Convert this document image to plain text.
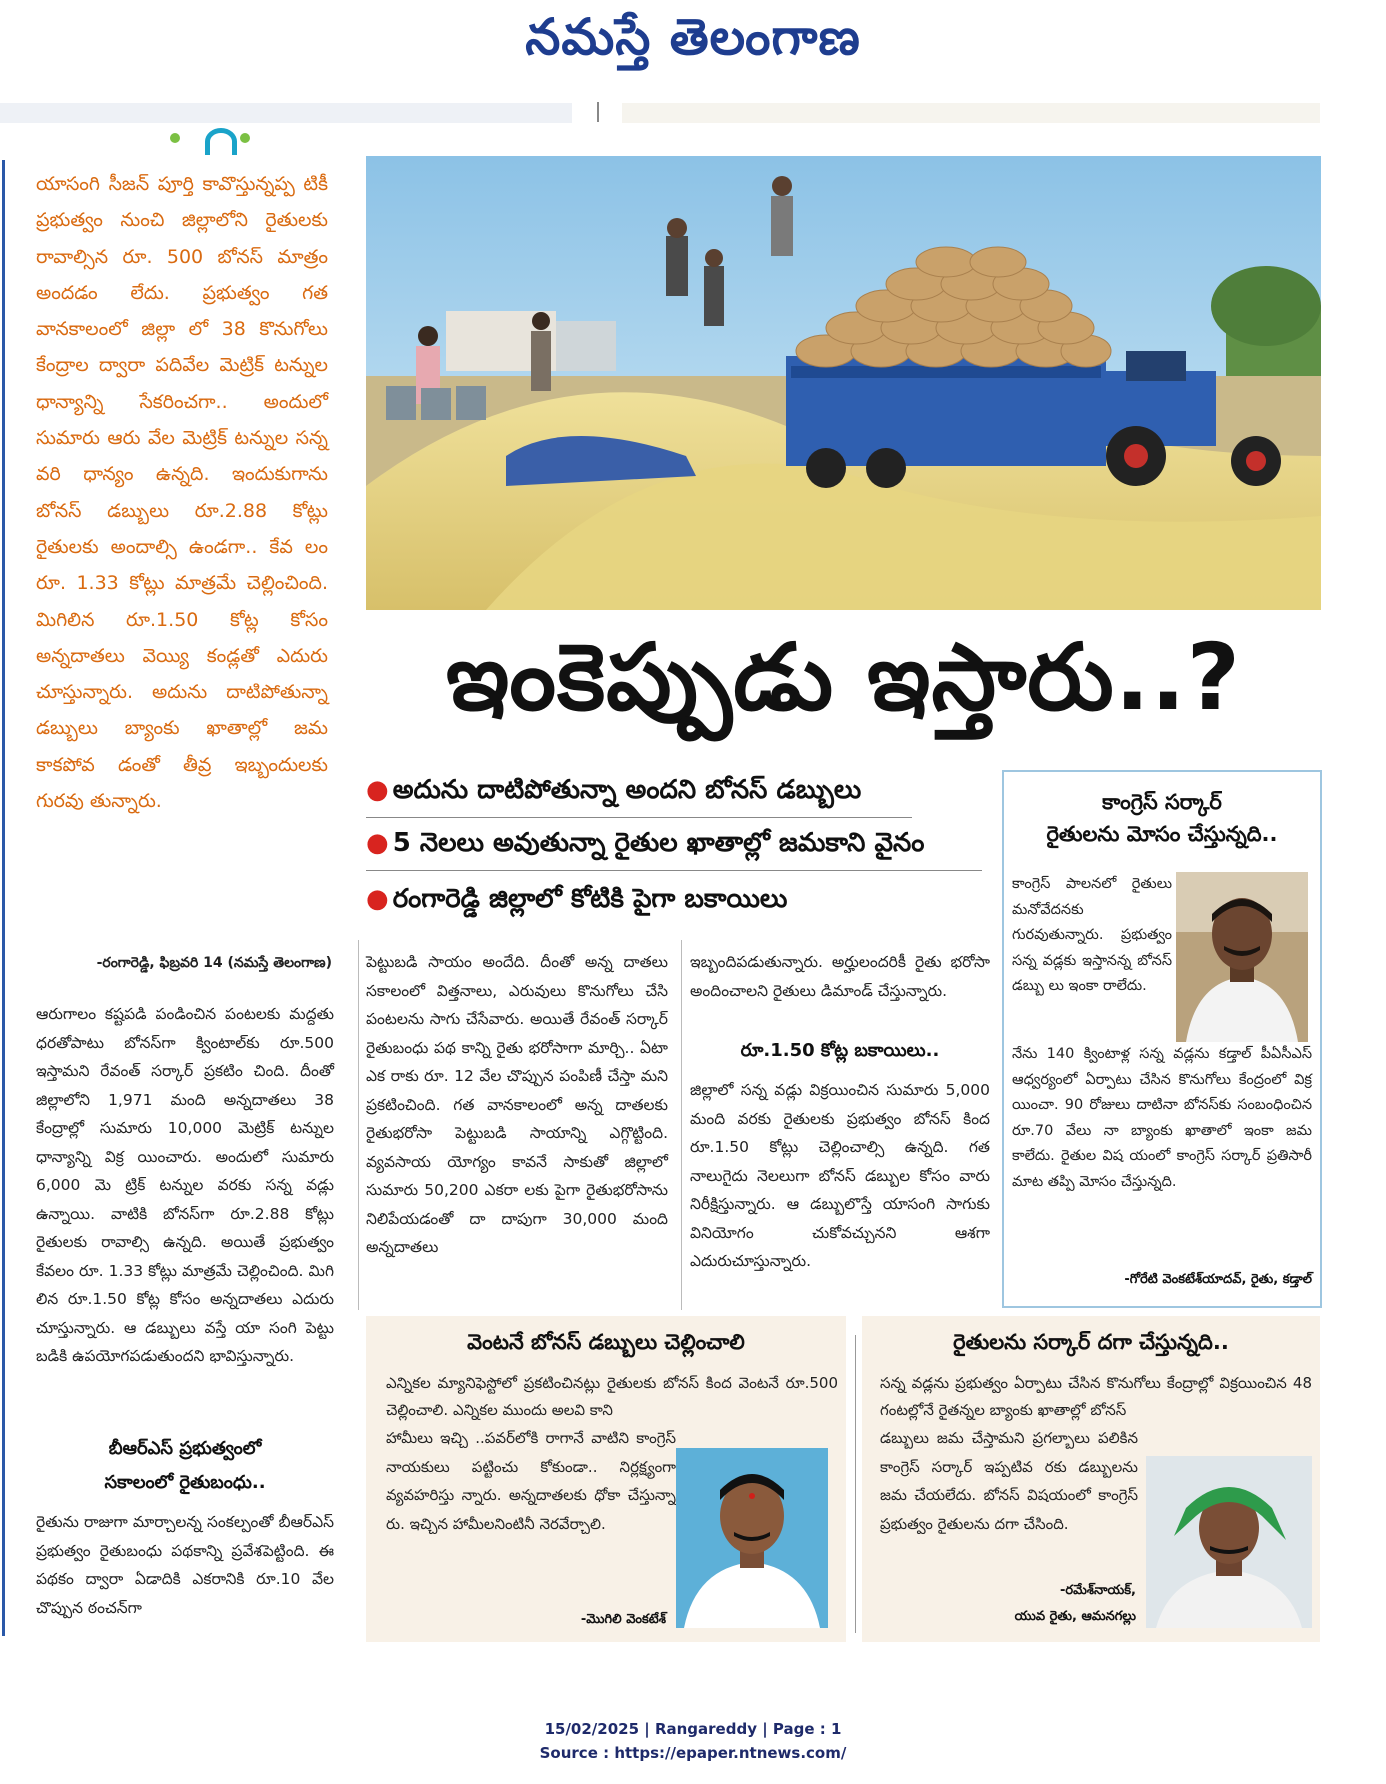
నమస్తే తెలంగాణ
యాసంగి సీజన్ పూర్తి కావొస్తున్నప్ప టికీ ప్రభుత్వం నుంచి జిల్లాలోని రైతులకు రావాల్సిన రూ. 500 బోనస్ మాత్రం అందడం లేదు. ప్రభుత్వం గత వానకాలంలో జిల్లా లో 38 కొనుగోలు కేంద్రాల ద్వారా పదివేల మెట్రిక్ టన్నుల ధాన్యాన్ని సేకరించగా.. అందులో సుమారు ఆరు వేల మెట్రిక్ టన్నుల సన్న వరి ధాన్యం ఉన్నది. ఇందుకుగాను బోనస్ డబ్బులు రూ.2.88 కోట్లు రైతులకు అందాల్సి ఉండగా.. కేవ లం రూ. 1.33 కోట్లు మాత్రమే చెల్లించింది. మిగిలిన రూ.1.50 కోట్ల కోసం అన్నదాతలు వెయ్యి కండ్లతో ఎదురు చూస్తున్నారు. అదును దాటిపోతున్నా డబ్బులు బ్యాంకు ఖాతాల్లో జమ కాకపోవ డంతో తీవ్ర ఇబ్బందులకు గురవు తున్నారు.
-రంగారెడ్డి, ఫిబ్రవరి 14 (నమస్తే తెలంగాణ)
ఆరుగాలం కష్టపడి పండించిన పంటలకు మద్దతు ధరతోపాటు బోనస్‌గా క్వింటాల్‌కు రూ.500 ఇస్తామని రేవంత్ సర్కార్ ప్రకటిం చింది. దీంతో జిల్లాలోని 1,971 మంది అన్నదాతలు 38 కేంద్రాల్లో సుమారు 10,000 మెట్రిక్ టన్నుల ధాన్యాన్ని విక్ర యించారు. అందులో సుమారు 6,000 మె ట్రిక్ టన్నుల వరకు సన్న వడ్లు ఉన్నాయి. వాటికి బోనస్‌గా రూ.2.88 కోట్లు రైతులకు రావాల్సి ఉన్నది. అయితే ప్రభుత్వం కేవలం రూ. 1.33 కోట్లు మాత్రమే చెల్లించింది. మిగి లిన రూ.1.50 కోట్ల కోసం అన్నదాతలు ఎదురు చూస్తున్నారు. ఆ డబ్బులు వస్తే యా సంగి పెట్టు బడికి ఉపయోగపడుతుందని భావిస్తున్నారు.
బీఆర్‌ఎస్ ప్రభుత్వంలో
సకాలంలో రైతుబంధు..
రైతును రాజుగా మార్చాలన్న సంకల్పంతో బీఆర్‌ఎస్ ప్రభుత్వం రైతుబంధు పథకాన్ని ప్రవేశపెట్టింది. ఈ పథకం ద్వారా ఏడాదికి ఎకరానికి రూ.10 వేల చొప్పున ఠంచన్‌గా
ఇంకెప్పుడు ఇస్తారు..?
● అదును దాటిపోతున్నా అందని బోనస్ డబ్బులు
● 5 నెలలు అవుతున్నా రైతుల ఖాతాల్లో జమకాని వైనం
● రంగారెడ్డి జిల్లాలో కోటికి పైగా బకాయిలు
పెట్టుబడి సాయం అందేది. దీంతో అన్న దాతలు సకాలంలో విత్తనాలు, ఎరువులు కొనుగోలు చేసి పంటలను సాగు చేసేవారు. అయితే రేవంత్ సర్కార్ రైతుబంధు పథ కాన్ని రైతు భరోసాగా మార్చి.. ఏటా ఎక రాకు రూ. 12 వేల చొప్పున పంపిణీ చేస్తా మని ప్రకటించింది. గత వానకాలంలో అన్న దాతలకు రైతుభరోసా పెట్టుబడి సాయాన్ని ఎగ్గొట్టింది. వ్యవసాయ యోగ్యం కావనే సాకుతో జిల్లాలో సుమారు 50,200 ఎకరా లకు పైగా రైతుభరోసాను నిలిపేయడంతో దా దాపుగా 30,000 మంది అన్నదాతలు
ఇబ్బందిపడుతున్నారు. అర్హులందరికీ రైతు భరోసా అందించాలని రైతులు డిమాండ్ చేస్తున్నారు.
రూ.1.50 కోట్ల బకాయిలు..
జిల్లాలో సన్న వడ్లు విక్రయించిన సుమారు 5,000 మంది వరకు రైతులకు ప్రభుత్వం బోనస్ కింద రూ.1.50 కోట్లు చెల్లించాల్సి ఉన్నది. గత నాలుగైదు నెలలుగా బోనస్ డబ్బుల కోసం వారు నిరీక్షిస్తున్నారు. ఆ డబ్బులొస్తే యాసంగి సాగుకు వినియోగం చుకోవచ్చునని ఆశగా ఎదురుచూస్తున్నారు.
కాంగ్రెస్ సర్కార్
రైతులను మోసం చేస్తున్నది..
కాంగ్రెస్ పాలనలో రైతులు మనోవేదనకు గురవుతున్నారు. ప్రభుత్వం సన్న వడ్లకు ఇస్తానన్న బోనస్ డబ్బు లు ఇంకా రాలేదు.
నేను 140 క్వింటాళ్ల సన్న వడ్లను కడ్తాల్ పీఏసీఎస్ ఆధ్వర్యంలో ఏర్పాటు చేసిన కొనుగోలు కేంద్రంలో విక్ర యించా. 90 రోజులు దాటినా బోనస్‌కు సంబంధించిన రూ.70 వేలు నా బ్యాంకు ఖాతాలో ఇంకా జమ కాలేదు. రైతుల విష యంలో కాంగ్రెస్ సర్కార్ ప్రతిసారీ మాట తప్పి మోసం చేస్తున్నది.
-గోరేటి వెంకటేశ్‌యాదవ్, రైతు, కడ్తాల్
వెంటనే బోనస్ డబ్బులు చెల్లించాలి
ఎన్నికల మ్యానిఫెస్టోలో ప్రకటించినట్లు రైతులకు బోనస్ కింద వెంటనే రూ.500 చెల్లించాలి. ఎన్నికల ముందు అలవి కాని
హామీలు ఇచ్చి ..పవర్‌లోకి రాగానే వాటిని కాంగ్రెస్ నాయకులు పట్టించు కోకుండా.. నిర్లక్ష్యంగా వ్యవహరిస్తు న్నారు. అన్నదాతలకు ధోకా చేస్తున్నా రు. ఇచ్చిన హామీలనింటినీ నెరవేర్చాలి.
-మొగిలి వెంకటేశ్
రైతులను సర్కార్ దగా చేస్తున్నది..
సన్న వడ్లను ప్రభుత్వం ఏర్పాటు చేసిన కొనుగోలు కేంద్రాల్లో విక్రయించిన 48 గంటల్లోనే రైతన్నల బ్యాంకు ఖాతాల్లో బోనస్
డబ్బులు జమ చేస్తామని ప్రగల్బాలు పలికిన కాంగ్రెస్ సర్కార్ ఇప్పటివ రకు డబ్బులను జమ చేయలేదు. బోనస్ విషయంలో కాంగ్రెస్ ప్రభుత్వం రైతులను దగా చేసింది.
-రమేశ్‌నాయక్,
యువ రైతు, ఆమనగల్లు
15/02/2025 | Rangareddy | Page : 1
Source : https://epaper.ntnews.com/
